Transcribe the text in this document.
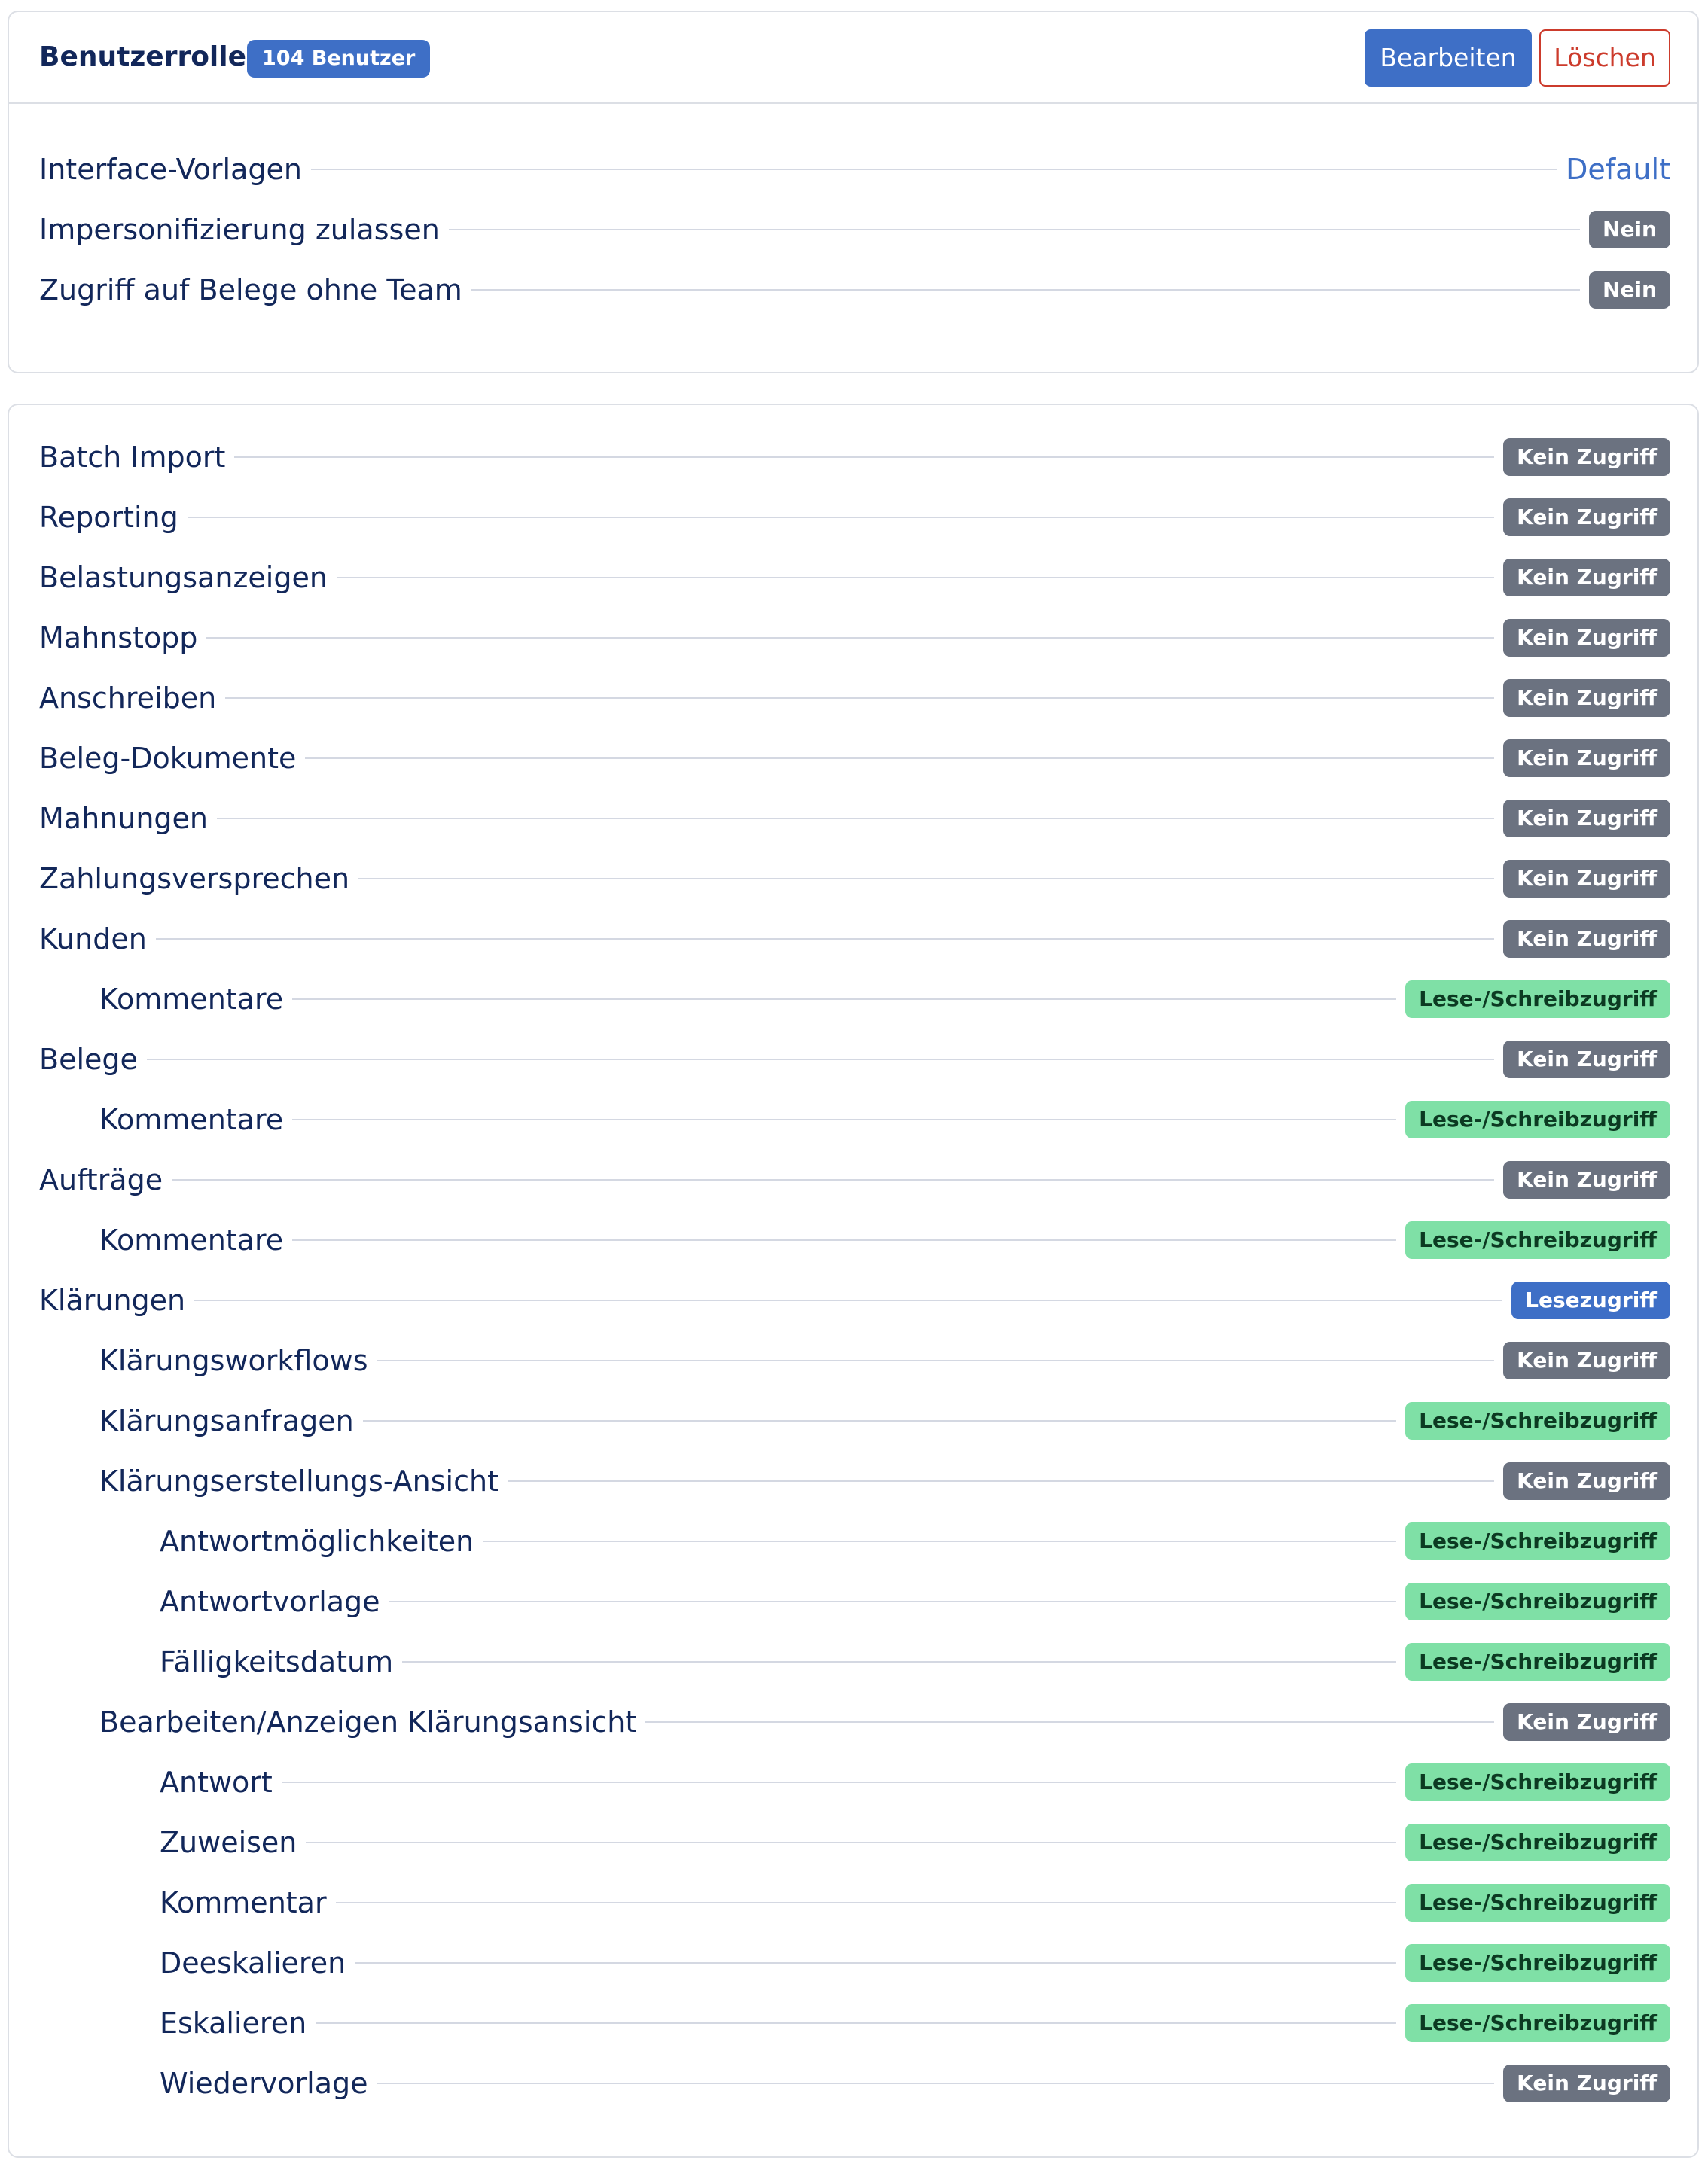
Benutzerrolle 104 Benutzer	Bearbeiten	Löschen
Interface-Vorlagen	Default
Impersonifizierung zulassen	Nein
Zugriff auf Belege ohne Team	Nein
Batch Import	Kein Zugriff
Reporting	Kein Zugriff
Belastungsanzeigen	Kein Zugriff
Mahnstopp	Kein Zugriff
Anschreiben	Kein Zugriff
Beleg-Dokumente	Kein Zugriff
Mahnungen	Kein Zugriff
Zahlungsversprechen	Kein Zugriff
Kunden	Kein Zugriff
Kommentare	Lese-/Schreibzugriff
Belege	Kein Zugriff
Kommentare	Lese-/Schreibzugriff
Aufträge	Kein Zugriff
Kommentare	Lese-/Schreibzugriff
Klärungen	Lesezugriff
Klärungsworkflows	Kein Zugriff
Klärungsanfragen	Lese-/Schreibzugriff
Klärungserstellungs-Ansicht	Kein Zugriff
Antwortmöglichkeiten	Lese-/Schreibzugriff
Antwortvorlage	Lese-/Schreibzugriff
Fälligkeitsdatum	Lese-/Schreibzugriff
Bearbeiten/Anzeigen Klärungsansicht	Kein Zugriff
Antwort	Lese-/Schreibzugriff
Zuweisen	Lese-/Schreibzugriff
Kommentar	Lese-/Schreibzugriff
Deeskalieren	Lese-/Schreibzugriff
Eskalieren	Lese-/Schreibzugriff
Wiedervorlage	Kein Zugriff
